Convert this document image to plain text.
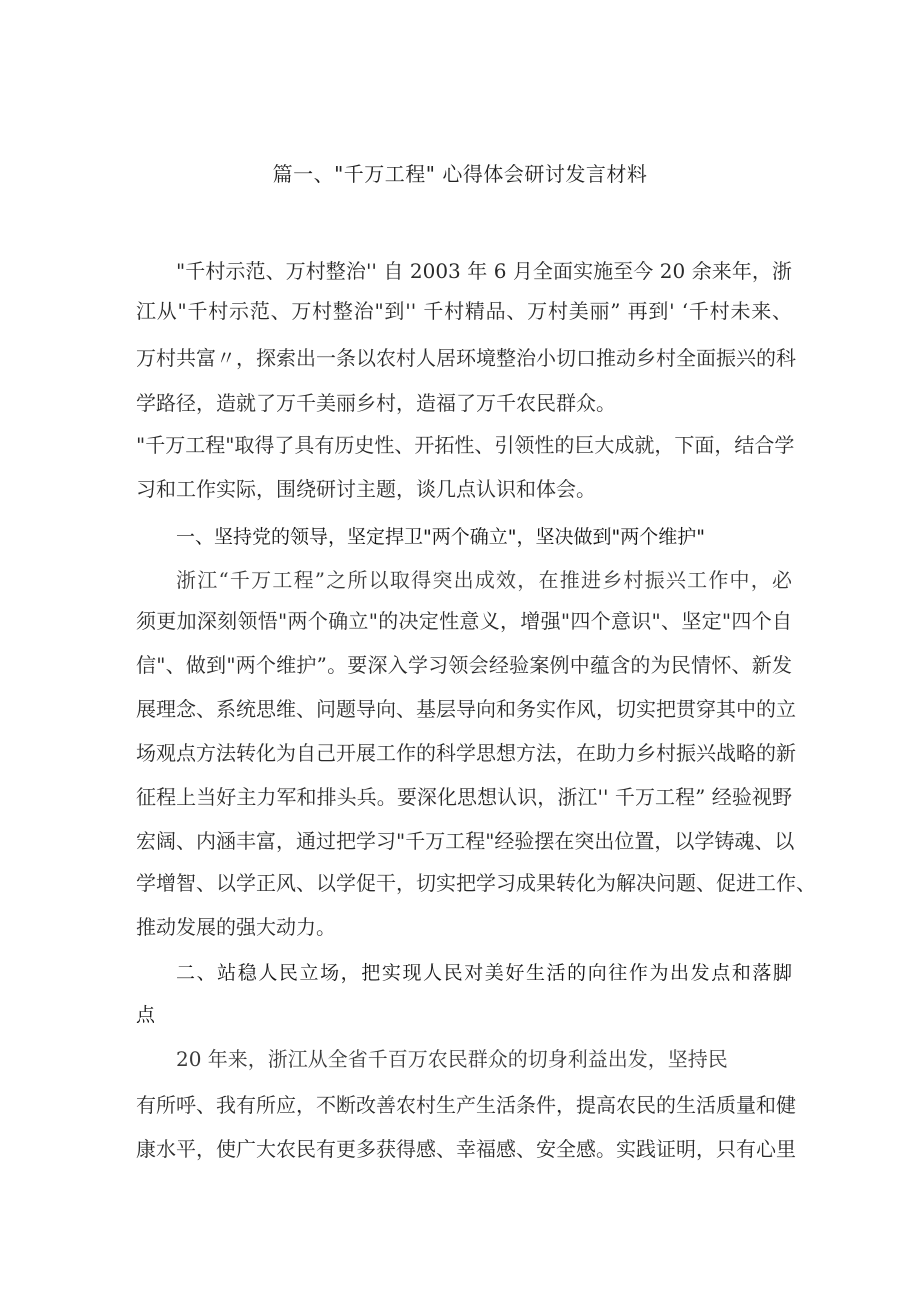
篇一、"千万工程" 心得体会研讨发言材料
"千村示范、万村整治'' 自 2003 年 6 月全面实施至今 20 余来年，浙
江从"千村示范、万村整治"到'' 千村精品、万村美丽” 再到' ‘千村未来、
万村共富〃，探索出一条以农村人居环境整治小切口推动乡村全面振兴的科
学路径，造就了万千美丽乡村，造福了万千农民群众。
"千万工程"取得了具有历史性、开拓性、引领性的巨大成就，下面，结合学
习和工作实际，围绕研讨主题，谈几点认识和体会。
一、坚持党的领导，坚定捍卫"两个确立"，坚决做到"两个维护"
浙江“千万工程”之所以取得突出成效，在推进乡村振兴工作中，必
须更加深刻领悟"两个确立"的决定性意义，增强"四个意识"、坚定"四个自
信"、做到"两个维护”。要深入学习领会经验案例中蕴含的为民情怀、新发
展理念、系统思维、问题导向、基层导向和务实作风，切实把贯穿其中的立
场观点方法转化为自己开展工作的科学思想方法，在助力乡村振兴战略的新
征程上当好主力军和排头兵。要深化思想认识，浙江'' 千万工程” 经验视野
宏阔、内涵丰富，通过把学习"千万工程"经验摆在突出位置，以学铸魂、以
学增智、以学正风、以学促干，切实把学习成果转化为解决问题、促进工作、
推动发展的强大动力。
二、站稳人民立场，把实现人民对美好生活的向往作为出发点和落脚
点
20 年来，浙江从全省千百万农民群众的切身利益出发，坚持民
有所呼、我有所应，不断改善农村生产生活条件，提高农民的生活质量和健
康水平，使广大农民有更多获得感、幸福感、安全感。实践证明，只有心里
